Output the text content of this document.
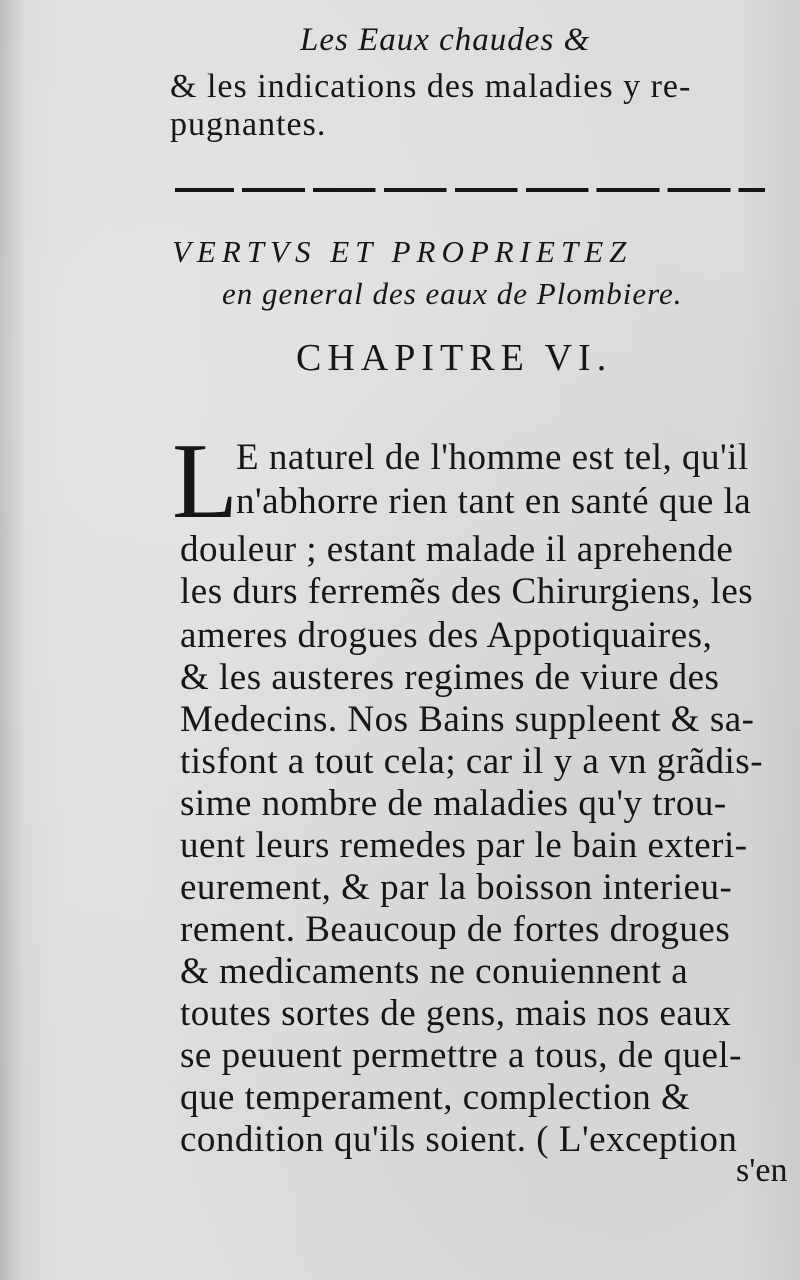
Les Eaux chaudes &
& les indications des maladies y re-
pugnantes.
VERTVS ET PROPRIETEZ
en general des eaux de Plombiere.
CHAPITRE VI.
L
E naturel de l'homme est tel, qu'il
n'abhorre rien tant en santé que la
douleur ; estant malade il aprehende
les durs ferremẽs des Chirurgiens, les
ameres drogues des Appotiquaires,
& les austeres regimes de viure des
Medecins. Nos Bains suppleent & sa-
tisfont a tout cela; car il y a vn grãdis-
sime nombre de maladies qu'y trou-
uent leurs remedes par le bain exteri-
eurement, & par la boisson interieu-
rement. Beaucoup de fortes drogues
& medicaments ne conuiennent a
toutes sortes de gens, mais nos eaux
se peuuent permettre a tous, de quel-
que temperament, complection &
condition qu'ils soient. ( L'exception
s'en
